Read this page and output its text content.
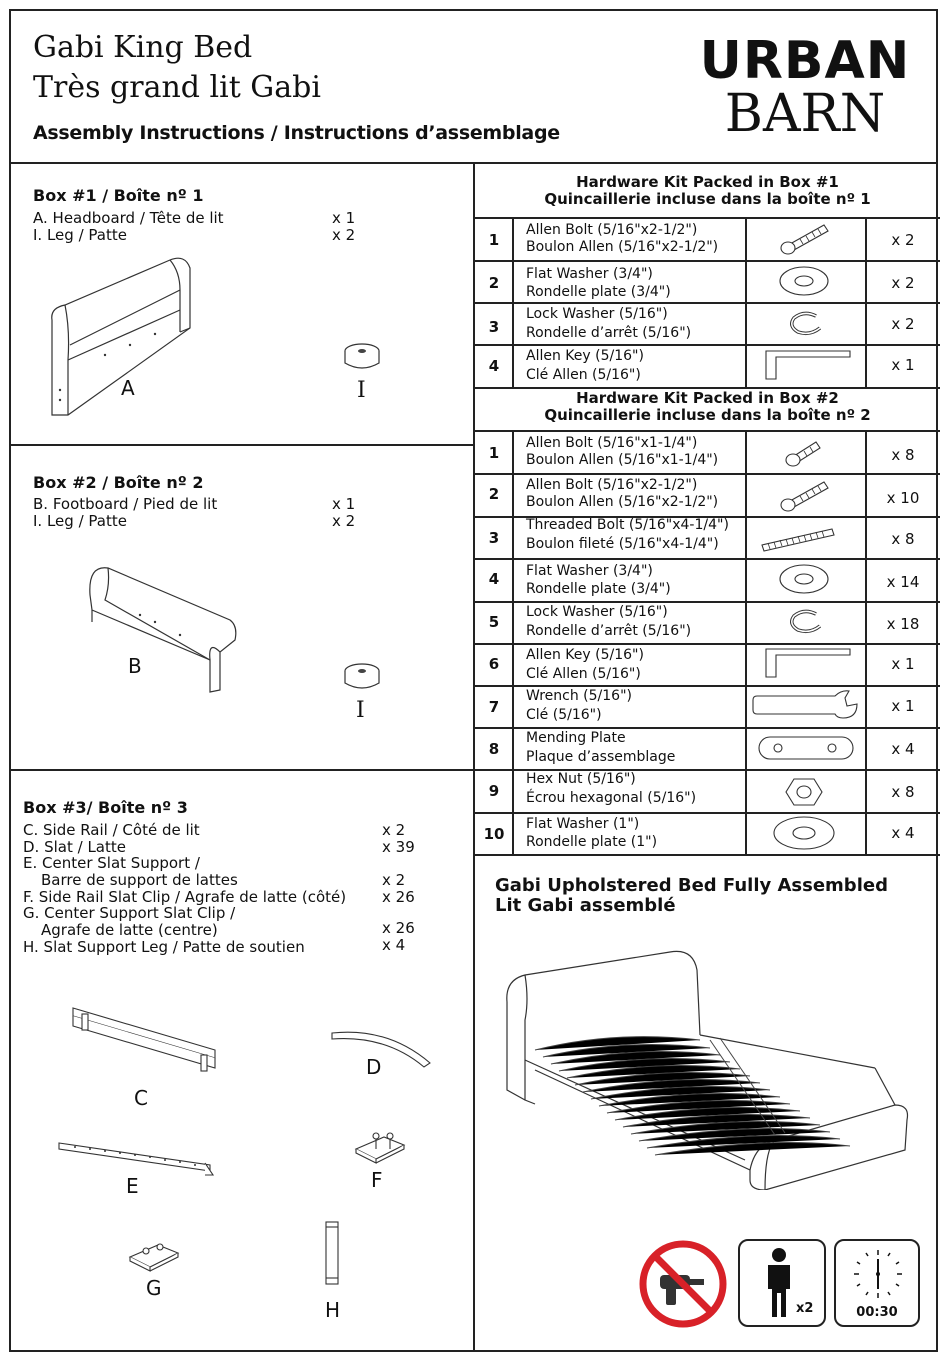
Gabi King Bed
Très grand lit Gabi
Assembly Instructions / Instructions d’assemblage
URBAN
BARN
Box #1 / Boîte nº 1
A. Headboard / Tête de lit	x 1
I. Leg / Patte	x 2
A	I
Box #2 / Boîte nº 2
B. Footboard / Pied de lit	x 1
I. Leg / Patte	x 2
B
I
Box #3/ Boîte nº 3
C. Side Rail / Côté de lit	x 2
D. Slat / Latte	x 39
E. Center Slat Support /
Barre de support de lattes	x 2
F. Side Rail Slat Clip / Agrafe de latte (côté) x 26
G. Center Support Slat Clip /
Agrafe de latte (centre)	x 26
H. Slat Support Leg / Patte de soutien	x 4
C
D
E	F
G
H
Hardware Kit Packed in Box #1
Quincaillerie incluse dans la boîte nº 1
1
Allen Bolt (5/16"x2-1/2")
Boulon Allen (5/16"x2-1/2")	x 2
2	Flat Washer (3/4")
Rondelle plate (3/4")	x 2
3
Lock Washer (5/16")
Rondelle d’arrêt (5/16")	x 2
4
Allen Key (5/16")
Clé Allen (5/16")
x 1
Hardware Kit Packed in Box #2
Quincaillerie incluse dans la boîte nº 2
1
Allen Bolt (5/16"x1-1/4")
Boulon Allen (5/16"x1-1/4")	x 8
2	Allen Bolt (5/16"x2-1/2")
Boulon Allen (5/16"x2-1/2")	x 10
3
Threaded Bolt (5/16"x4-1/4")
Boulon fileté (5/16"x4-1/4")	x 8
4	Flat Washer (3/4")
Rondelle plate (3/4")	x 14
5
Lock Washer (5/16")
Rondelle d’arrêt (5/16")	x 18
6	Allen Key (5/16")
Clé Allen (5/16")
x 1
7
Wrench (5/16")
Clé (5/16")	x 1
8
Mending Plate
Plaque d’assemblage	x 4
9
Hex Nut (5/16")
Écrou hexagonal (5/16")	x 8
10
Flat Washer (1")
Rondelle plate (1")	x 4
Gabi Upholstered Bed Fully Assembled
Lit Gabi assemblé
x2	00:30
